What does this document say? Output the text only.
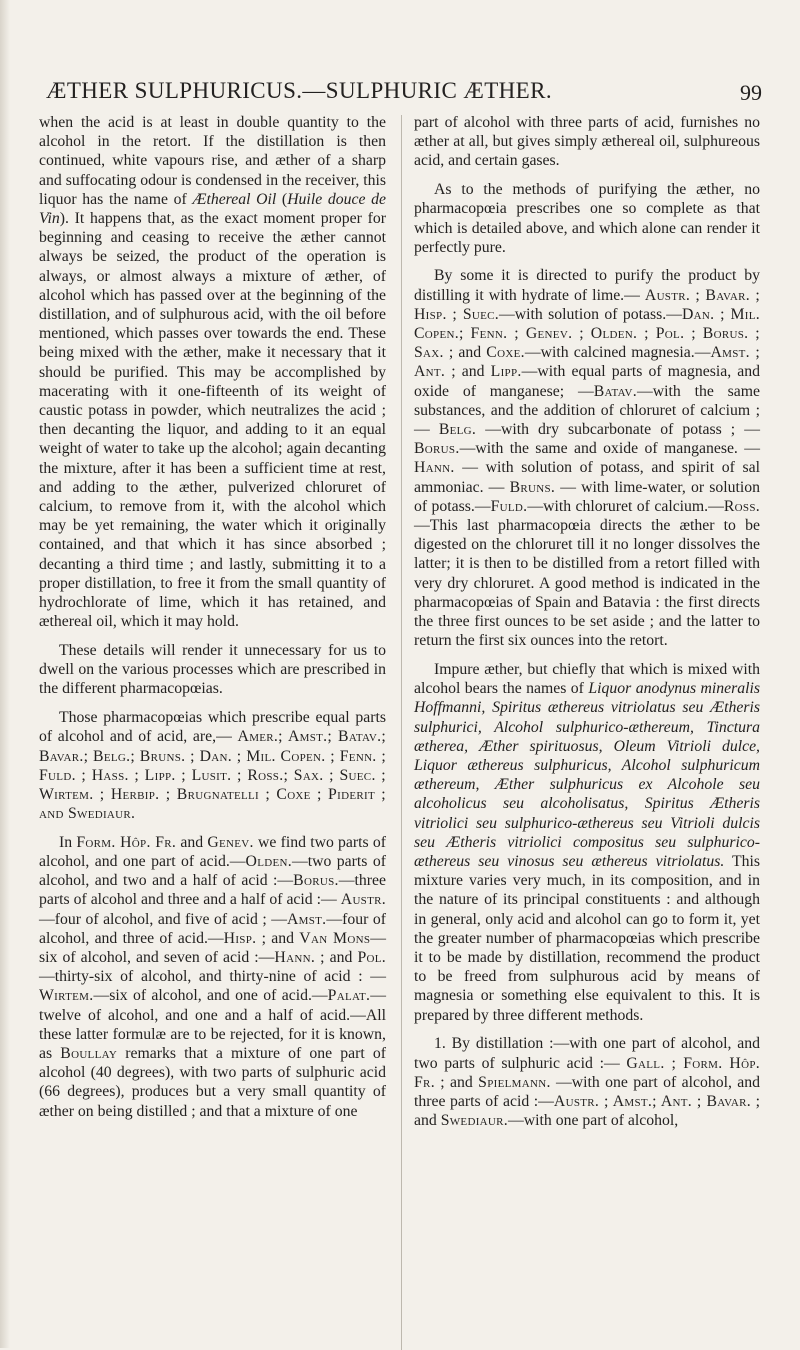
ÆTHER SULPHURICUS.—SULPHURIC ÆTHER.	99

when the acid is at least in double quantity to the alcohol in the retort. If the distillation is then continued, white vapours rise, and æther of a sharp and suffocating odour is condensed in the receiver, this liquor has the name of Æthereal Oil (Huile douce de Vin). It happens that, as the exact moment proper for beginning and ceasing to receive the æther cannot always be seized, the product of the operation is always, or almost always a mixture of æther, of alcohol which has passed over at the beginning of the distillation, and of sulphurous acid, with the oil before mentioned, which passes over towards the end. These being mixed with the æther, make it necessary that it should be purified. This may be accomplished by macerating with it one-fifteenth of its weight of caustic potass in powder, which neutralizes the acid ; then decanting the liquor, and adding to it an equal weight of water to take up the alcohol; again decanting the mixture, after it has been a sufficient time at rest, and adding to the æther, pulverized chloruret of calcium, to remove from it, with the alcohol which may be yet remaining, the water which it originally contained, and that which it has since absorbed ; decanting a third time ; and lastly, submitting it to a proper distillation, to free it from the small quantity of hydrochlorate of lime, which it has retained, and æthereal oil, which it may hold.

These details will render it unnecessary for us to dwell on the various processes which are prescribed in the different pharmacopœias.

Those pharmacopœias which prescribe equal parts of alcohol and of acid, are,— Amer.; Amst.; Batav.; Bavar.; Belg.; Bruns. ; Dan. ; Mil. Copen. ; Fenn. ; Fuld. ; Hass. ; Lipp. ; Lusit. ; Ross.; Sax. ; Suec. ; Wirtem. ; Herbip. ; Brugnatelli ; Coxe ; Piderit ; and Swediaur.

In Form. Hôp. Fr. and Genev. we find two parts of alcohol, and one part of acid.—Olden.—two parts of alcohol, and two and a half of acid :—Borus.—three parts of alcohol and three and a half of acid :— Austr.—four of alcohol, and five of acid ; —Amst.—four of alcohol, and three of acid.—Hisp. ; and Van Mons—six of alcohol, and seven of acid :—Hann. ; and Pol.—thirty-six of alcohol, and thirty-nine of acid : — Wirtem.—six of alcohol, and one of acid.—Palat.—twelve of alcohol, and one and a half of acid.—All these latter formulæ are to be rejected, for it is known, as Boullay remarks that a mixture of one part of alcohol (40 degrees), with two parts of sulphuric acid (66 degrees), produces but a very small quantity of æther on being distilled ; and that a mixture of one

part of alcohol with three parts of acid, furnishes no æther at all, but gives simply æthereal oil, sulphureous acid, and certain gases.

As to the methods of purifying the æther, no pharmacopœia prescribes one so complete as that which is detailed above, and which alone can render it perfectly pure.

By some it is directed to purify the product by distilling it with hydrate of lime.— Austr. ; Bavar. ; Hisp. ; Suec.—with solution of potass.—Dan. ; Mil. Copen.; Fenn. ; Genev. ; Olden. ; Pol. ; Borus. ; Sax. ; and Coxe.—with calcined magnesia.—Amst. ; Ant. ; and Lipp.—with equal parts of magnesia, and oxide of manganese; —Batav.—with the same substances, and the addition of chloruret of calcium ;— Belg. —with dry subcarbonate of potass ; —Borus.—with the same and oxide of manganese. — Hann. — with solution of potass, and spirit of sal ammoniac. — Bruns. — with lime-water, or solution of potass.—Fuld.—with chloruret of calcium.—Ross.—This last pharmacopœia directs the æther to be digested on the chloruret till it no longer dissolves the latter; it is then to be distilled from a retort filled with very dry chloruret. A good method is indicated in the pharmacopœias of Spain and Batavia : the first directs the three first ounces to be set aside ; and the latter to return the first six ounces into the retort.

Impure æther, but chiefly that which is mixed with alcohol bears the names of Liquor anodynus mineralis Hoffmanni, Spiritus æthereus vitriolatus seu Ætheris sulphurici, Alcohol sulphurico-æthereum, Tinctura ætherea, Æther spirituosus, Oleum Vitrioli dulce, Liquor æthereus sulphuricus, Alcohol sulphuricum æthereum, Æther sulphuricus ex Alcohole seu alcoholicus seu alcoholisatus, Spiritus Ætheris vitriolici seu sulphurico-æthereus seu Vitrioli dulcis seu Ætheris vitriolici compositus seu sulphurico-æthereus seu vinosus seu æthereus vitriolatus. This mixture varies very much, in its composition, and in the nature of its principal constituents : and although in general, only acid and alcohol can go to form it, yet the greater number of pharmacopœias which prescribe it to be made by distillation, recommend the product to be freed from sulphurous acid by means of magnesia or something else equivalent to this. It is prepared by three different methods.

1. By distillation :—with one part of alcohol, and two parts of sulphuric acid :— Gall. ; Form. Hôp. Fr. ; and Spielmann. —with one part of alcohol, and three parts of acid :—Austr. ; Amst.; Ant. ; Bavar. ; and Swediaur.—with one part of alcohol,
